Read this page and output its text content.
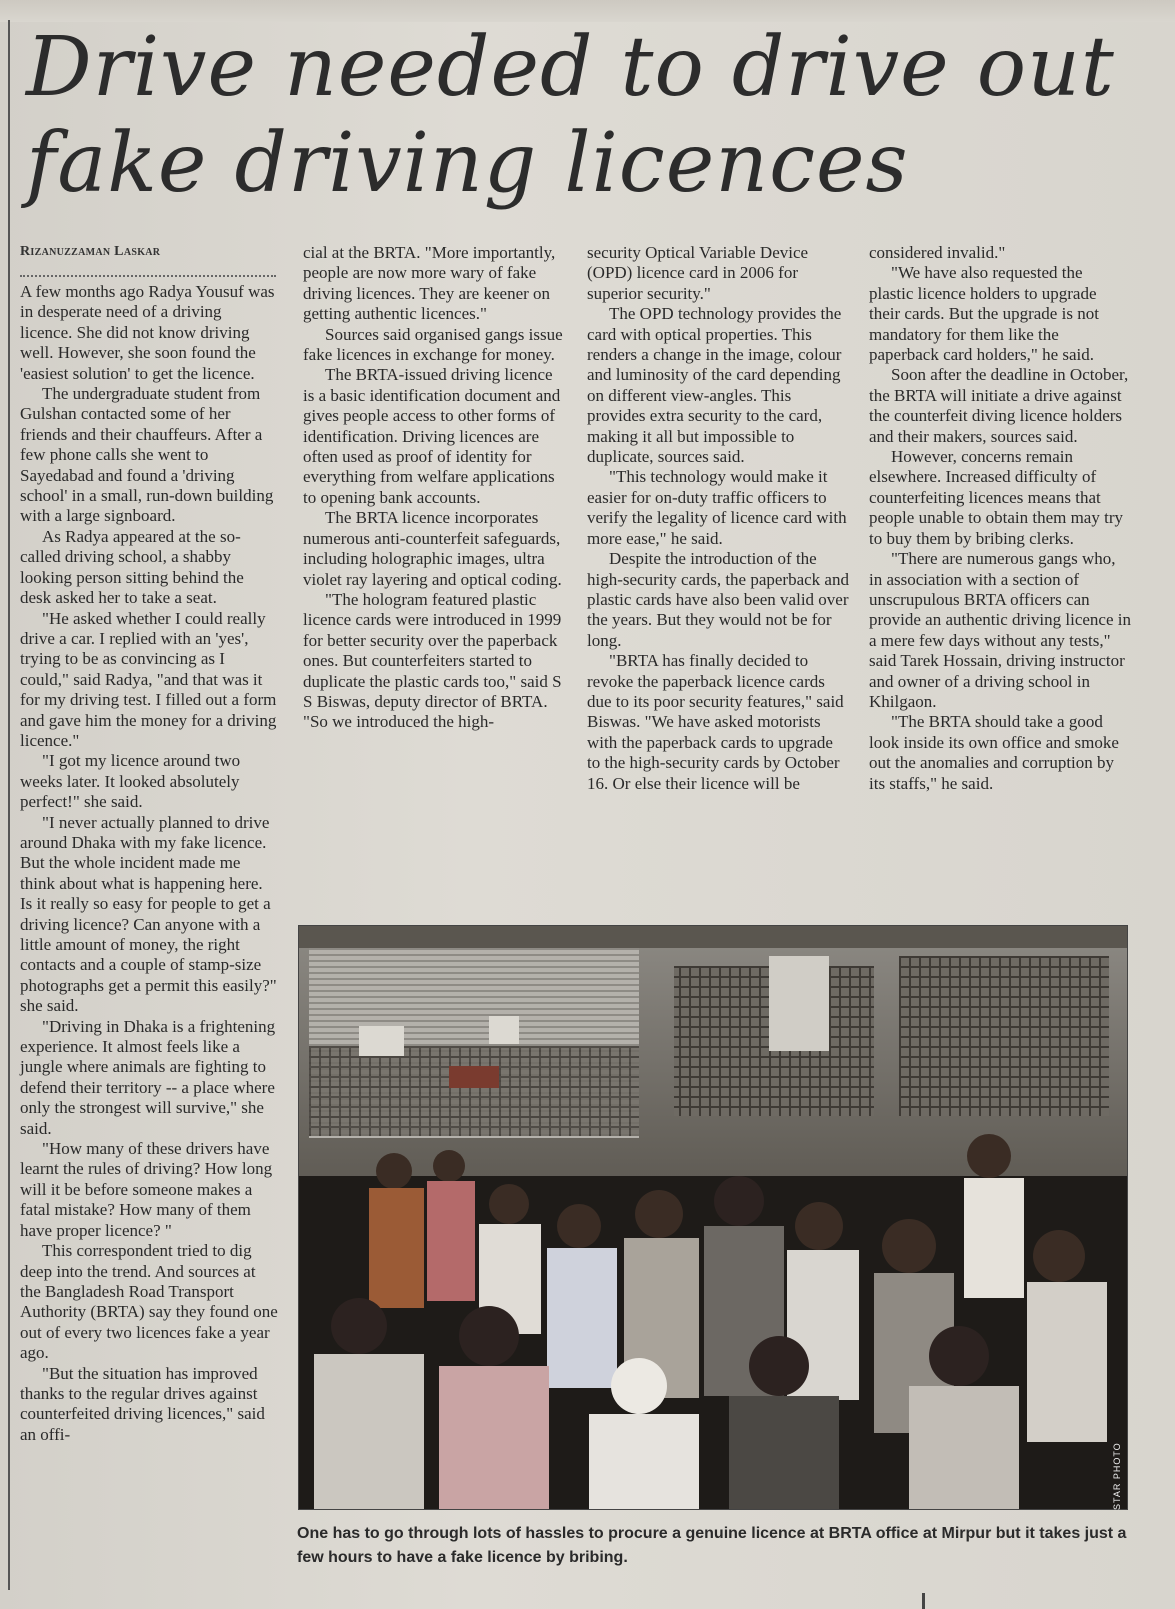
Drive needed to drive out
fake driving licences
Rizanuzzaman Laskar

A few months ago Radya Yousuf was in desperate need of a driving licence. She did not know driving well. However, she soon found the 'easiest solution' to get the licence.

The undergraduate student from Gulshan contacted some of her friends and their chauffeurs. After a few phone calls she went to Sayedabad and found a 'driving school' in a small, run-down building with a large signboard.

As Radya appeared at the so-called driving school, a shabby looking person sitting behind the desk asked her to take a seat.

"He asked whether I could really drive a car. I replied with an 'yes', trying to be as convincing as I could," said Radya, "and that was it for my driving test. I filled out a form and gave him the money for a driving licence."

"I got my licence around two weeks later. It looked absolutely perfect!" she said.

"I never actually planned to drive around Dhaka with my fake licence. But the whole incident made me think about what is happening here. Is it really so easy for people to get a driving licence? Can anyone with a little amount of money, the right contacts and a couple of stamp-size photographs get a permit this easily?" she said.

"Driving in Dhaka is a frightening experience. It almost feels like a jungle where animals are fighting to defend their territory -- a place where only the strongest will survive," she said.

"How many of these drivers have learnt the rules of driving? How long will it be before someone makes a fatal mistake? How many of them have proper licence? "

This correspondent tried to dig deep into the trend. And sources at the Bangladesh Road Transport Authority (BRTA) say they found one out of every two licences fake a year ago.

"But the situation has improved thanks to the regular drives against counterfeited driving licences," said an offi-

cial at the BRTA. "More importantly, people are now more wary of fake driving licences. They are keener on getting authentic licences."

Sources said organised gangs issue fake licences in exchange for money.

The BRTA-issued driving licence is a basic identification document and gives people access to other forms of identification. Driving licences are often used as proof of identity for everything from welfare applications to opening bank accounts.

The BRTA licence incorporates numerous anti-counterfeit safeguards, including holographic images, ultra violet ray layering and optical coding.

"The hologram featured plastic licence cards were introduced in 1999 for better security over the paperback ones. But counterfeiters started to duplicate the plastic cards too," said S S Biswas, deputy director of BRTA. "So we introduced the high-

security Optical Variable Device (OPD) licence card in 2006 for superior security."

The OPD technology provides the card with optical properties. This renders a change in the image, colour and luminosity of the card depending on different view-angles. This provides extra security to the card, making it all but impossible to duplicate, sources said.

"This technology would make it easier for on-duty traffic officers to verify the legality of licence card with more ease," he said.

Despite the introduction of the high-security cards, the paperback and plastic cards have also been valid over the years. But they would not be for long.

"BRTA has finally decided to revoke the paperback licence cards due to its poor security features," said Biswas. "We have asked motorists with the paperback cards to upgrade to the high-security cards by October 16. Or else their licence will be

considered invalid."

"We have also requested the plastic licence holders to upgrade their cards. But the upgrade is not mandatory for them like the paperback card holders," he said.

Soon after the deadline in October, the BRTA will initiate a drive against the counterfeit diving licence holders and their makers, sources said.

However, concerns remain elsewhere. Increased difficulty of counterfeiting licences means that people unable to obtain them may try to buy them by bribing clerks.

"There are numerous gangs who, in association with a section of unscrupulous BRTA officers can provide an authentic driving licence in a mere few days without any tests," said Tarek Hossain, driving instructor and owner of a driving school in Khilgaon.

"The BRTA should take a good look inside its own office and smoke out the anomalies and corruption by its staffs," he said.

STAR PHOTO

One has to go through lots of hassles to procure a genuine licence at BRTA office at Mirpur but it takes just a few hours to have a fake licence by bribing.
